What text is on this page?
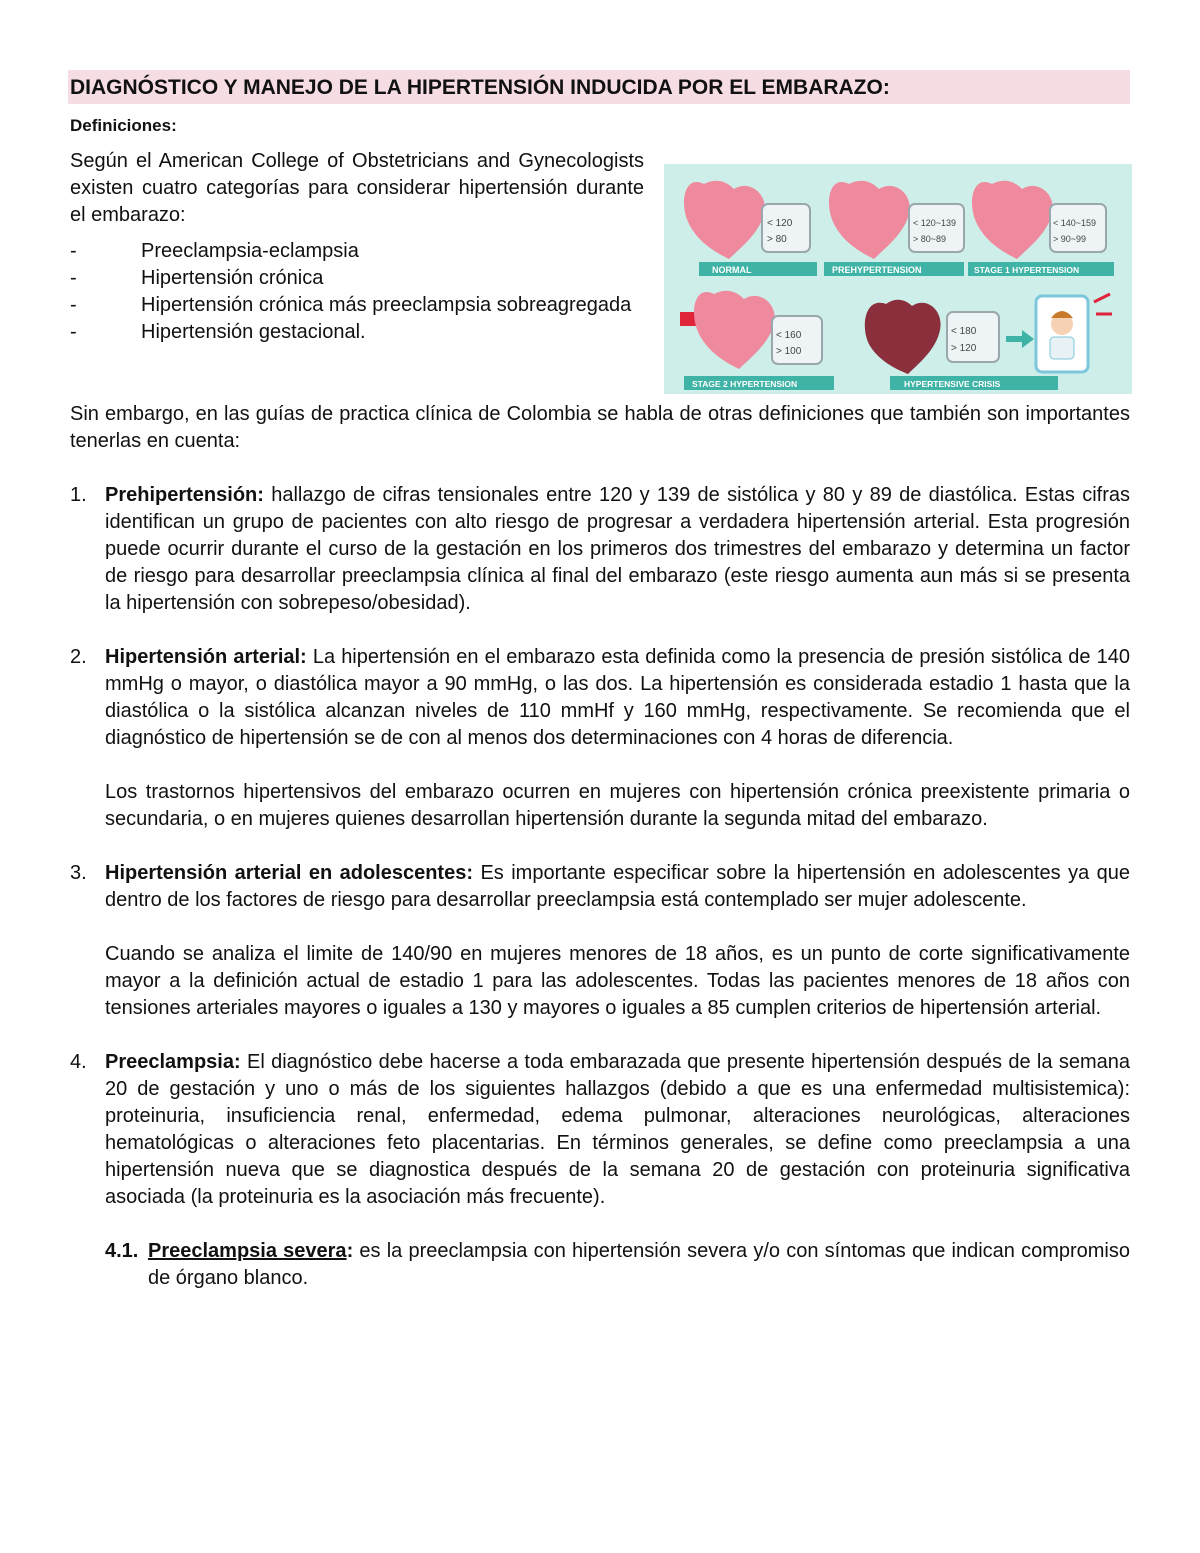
DIAGNÓSTICO Y MANEJO DE LA HIPERTENSIÓN INDUCIDA POR EL EMBARAZO:
Definiciones:
Según el American College of Obstetricians and Gynecologists existen cuatro categorías para considerar hipertensión durante el embarazo:
-	Preeclampsia-eclampsia
-	Hipertensión crónica
-	Hipertensión crónica más preeclampsia sobreagregada
-	Hipertensión gestacional.
< 120
> 80
NORMAL
< 120~139
> 80~89
PREHYPERTENSION
< 140~159
> 90~99
STAGE 1 HYPERTENSION
< 160
> 100
STAGE 2 HYPERTENSION
< 180
> 120
HYPERTENSIVE CRISIS
Sin embargo, en las guías de practica clínica de Colombia se habla de otras definiciones que también son importantes tenerlas en cuenta:
1. Prehipertensión: hallazgo de cifras tensionales entre 120 y 139 de sistólica y 80 y 89 de diastólica. Estas cifras identifican un grupo de pacientes con alto riesgo de progresar a verdadera hipertensión arterial. Esta progresión puede ocurrir durante el curso de la gestación en los primeros dos trimestres del embarazo y determina un factor de riesgo para desarrollar preeclampsia clínica al final del embarazo (este riesgo aumenta aun más si se presenta la hipertensión con sobrepeso/obesidad).

2. Hipertensión arterial: La hipertensión en el embarazo esta definida como la presencia de presión sistólica de 140 mmHg o mayor, o diastólica mayor a 90 mmHg, o las dos. La hipertensión es considerada estadio 1 hasta que la diastólica o la sistólica alcanzan niveles de 110 mmHf y 160 mmHg, respectivamente. Se recomienda que el diagnóstico de hipertensión se de con al menos dos determinaciones con 4 horas de diferencia.

Los trastornos hipertensivos del embarazo ocurren en mujeres con hipertensión crónica preexistente primaria o secundaria, o en mujeres quienes desarrollan hipertensión durante la segunda mitad del embarazo.

3. Hipertensión arterial en adolescentes: Es importante especificar sobre la hipertensión en adolescentes ya que dentro de los factores de riesgo para desarrollar preeclampsia está contemplado ser mujer adolescente.

Cuando se analiza el limite de 140/90 en mujeres menores de 18 años, es un punto de corte significativamente mayor a la definición actual de estadio 1 para las adolescentes. Todas las pacientes menores de 18 años con tensiones arteriales mayores o iguales a 130 y mayores o iguales a 85 cumplen criterios de hipertensión arterial.

4. Preeclampsia: El diagnóstico debe hacerse a toda embarazada que presente hipertensión después de la semana 20 de gestación y uno o más de los siguientes hallazgos (debido a que es una enfermedad multisistemica): proteinuria, insuficiencia renal, enfermedad, edema pulmonar, alteraciones neurológicas, alteraciones hematológicas o alteraciones feto placentarias. En términos generales, se define como preeclampsia a una hipertensión nueva que se diagnostica después de la semana 20 de gestación con proteinuria significativa asociada (la proteinuria es la asociación más frecuente).

4.1. Preeclampsia severa: es la preeclampsia con hipertensión severa y/o con síntomas que indican compromiso de órgano blanco.
